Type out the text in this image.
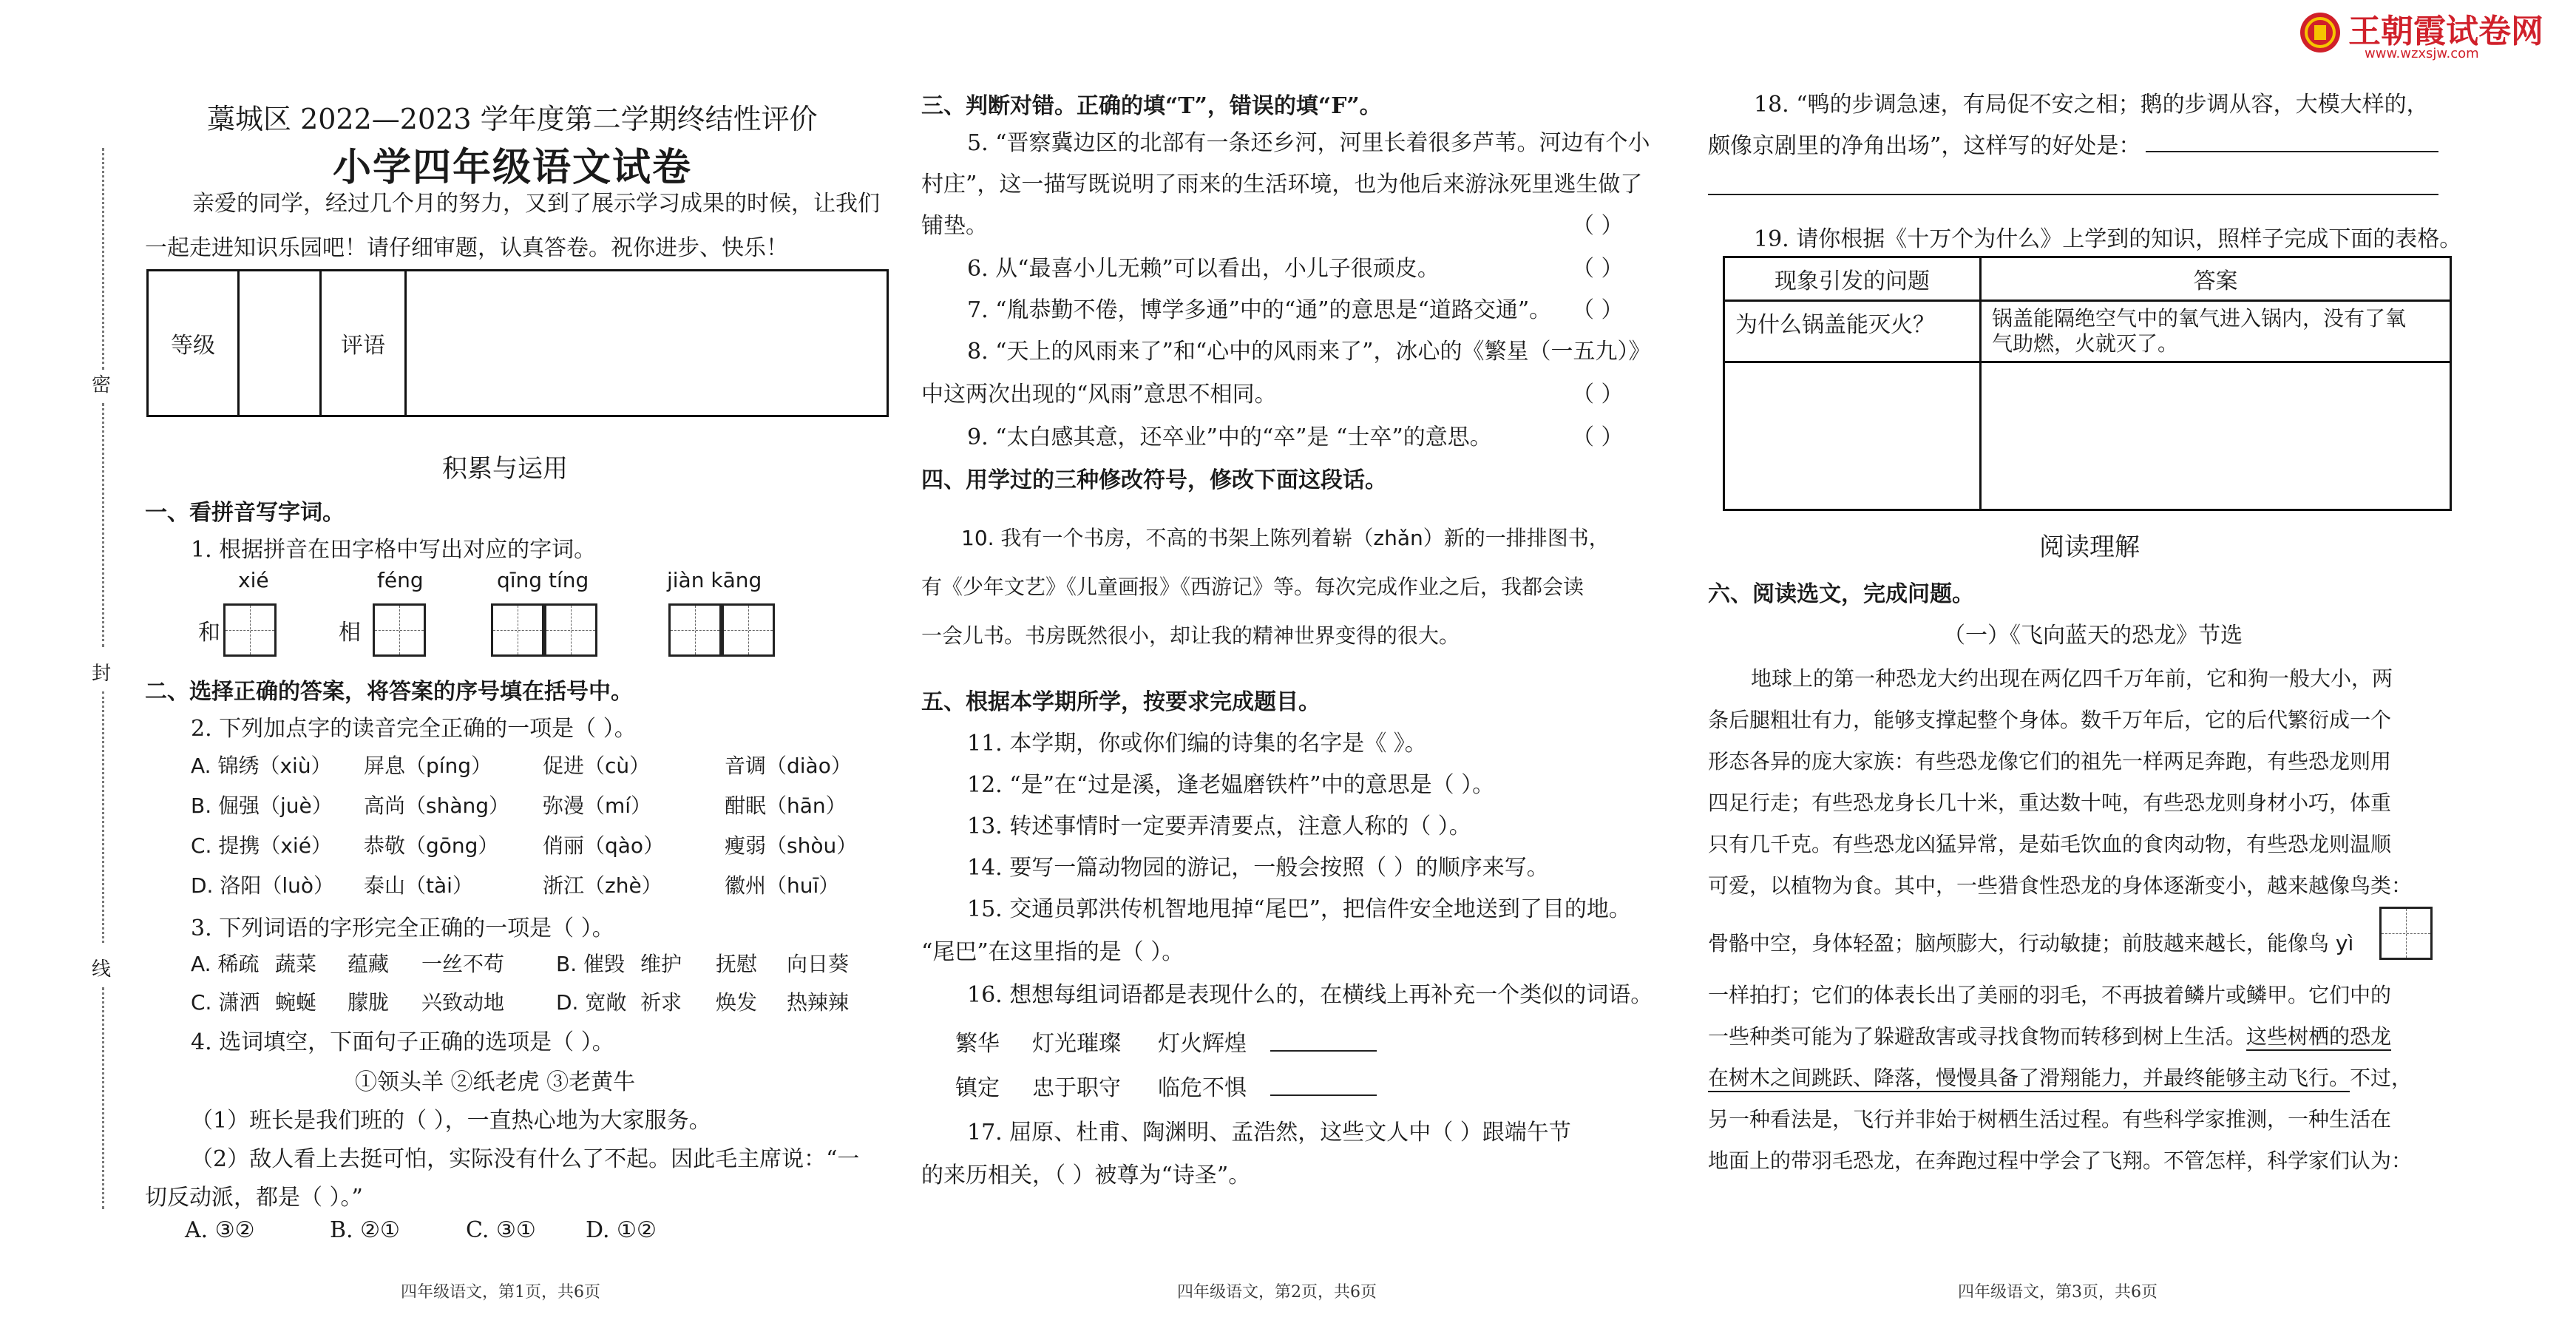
王朝霞试卷网
www.wzxsjw.com
密
封
线
藁城区 2022—2023 学年度第二学期终结性评价
小学四年级语文试卷
亲爱的同学，经过几个月的努力，又到了展示学习成果的时候，让我们
一起走进知识乐园吧！请仔细审题，认真答卷。祝你进步、快乐！
等级		评语	
积累与运用
一、看拼音写字词。
1. 根据拼音在田字格中写出对应的字词。
xié	féng	qīng tíng	jiàn kāng
和	相
二、选择正确的答案，将答案的序号填在括号中。
2. 下列加点字的读音完全正确的一项是（ ）。
A. 锦绣（xiù） 屏息（píng） 促进（cù）	音调（diào）
B. 倔强（juè） 高尚（shàng） 弥漫（mí）	酣眠（hān）
C. 提携（xié） 恭敬（gōng） 俏丽（qào）	瘦弱（shòu）
D. 洛阳（luò） 泰山（tài）	浙江（zhè）	徽州（huī）
3. 下列词语的字形完全正确的一项是（ ）。
A. 稀疏 蔬菜 蕴藏 一丝不苟 B. 催毁 维护 抚慰 向日葵
C. 潇洒 蜿蜒 朦胧 兴致动地 D. 宽敞 祈求 焕发 热辣辣
4. 选词填空，下面句子正确的选项是（ ）。
①领头羊 ②纸老虎 ③老黄牛
（1）班长是我们班的（ ），一直热心地为大家服务。
（2）敌人看上去挺可怕，实际没有什么了不起。因此毛主席说：“一
切反动派，都是（ ）。”
A. ③②	B. ②①	C. ③① D. ①②
四年级语文，第1页，共6页
三、判断对错。正确的填“T”，错误的填“F”。
5. “晋察冀边区的北部有一条还乡河，河里长着很多芦苇。河边有个小
村庄”，这一描写既说明了雨来的生活环境，也为他后来游泳死里逃生做了
铺垫。	（ ）
6. 从“最喜小儿无赖”可以看出，小儿子很顽皮。	（ ）
7. “胤恭勤不倦，博学多通”中的“通”的意思是“道路交通”。 （ ）
8. “天上的风雨来了”和“心中的风雨来了”，冰心的《繁星（一五九）》
中这两次出现的“风雨”意思不相同。	（ ）
9. “太白感其意，还卒业”中的“卒”是 “士卒”的意思。	（ ）
四、用学过的三种修改符号，修改下面这段话。
10. 我有一个书房，不高的书架上陈列着崭（zhǎn）新的一排排图书，
有《少年文艺》《儿童画报》《西游记》等。每次完成作业之后，我都会读
一会儿书。书房既然很小，却让我的精神世界变得的很大。
五、根据本学期所学，按要求完成题目。
11. 本学期，你或你们编的诗集的名字是《 》。
12. “是”在“过是溪，逢老媪磨铁杵”中的意思是（ ）。
13. 转述事情时一定要弄清要点，注意人称的（ ）。
14. 要写一篇动物园的游记，一般会按照（ ）的顺序来写。
15. 交通员郭洪传机智地甩掉“尾巴”，把信件安全地送到了目的地。
“尾巴”在这里指的是（ ）。
16. 想想每组词语都是表现什么的，在横线上再补充一个类似的词语。
繁华 灯光璀璨 灯火辉煌
镇定 忠于职守 临危不惧
17. 屈原、杜甫、陶渊明、孟浩然，这些文人中（ ）跟端午节
的来历相关，（ ）被尊为“诗圣”。
四年级语文，第2页，共6页
18. “鸭的步调急速，有局促不安之相；鹅的步调从容，大模大样的，
颇像京剧里的净角出场”，这样写的好处是：
19. 请你根据《十万个为什么》上学到的知识，照样子完成下面的表格。
现象引发的问题	答案
为什么锅盖能灭火？	锅盖能隔绝空气中的氧气进入锅内，没有了氧
气助燃，火就灭了。

阅读理解
六、阅读选文，完成问题。
（一）《飞向蓝天的恐龙》节选
地球上的第一种恐龙大约出现在两亿四千万年前，它和狗一般大小，两
条后腿粗壮有力，能够支撑起整个身体。数千万年后，它的后代繁衍成一个
形态各异的庞大家族：有些恐龙像它们的祖先一样两足奔跑，有些恐龙则用
四足行走；有些恐龙身长几十米，重达数十吨，有些恐龙则身材小巧，体重
只有几千克。有些恐龙凶猛异常，是茹毛饮血的食肉动物，有些恐龙则温顺
可爱，以植物为食。其中，一些猎食性恐龙的身体逐渐变小，越来越像鸟类：
骨骼中空，身体轻盈；脑颅膨大，行动敏捷；前肢越来越长，能像鸟 yì
一样拍打；它们的体表长出了美丽的羽毛，不再披着鳞片或鳞甲。它们中的
一些种类可能为了躲避敌害或寻找食物而转移到树上生活。这些树栖的恐龙
在树木之间跳跃、降落，慢慢具备了滑翔能力，并最终能够主动飞行。不过，
另一种看法是，飞行并非始于树栖生活过程。有些科学家推测，一种生活在
地面上的带羽毛恐龙，在奔跑过程中学会了飞翔。不管怎样，科学家们认为：
四年级语文，第3页，共6页
